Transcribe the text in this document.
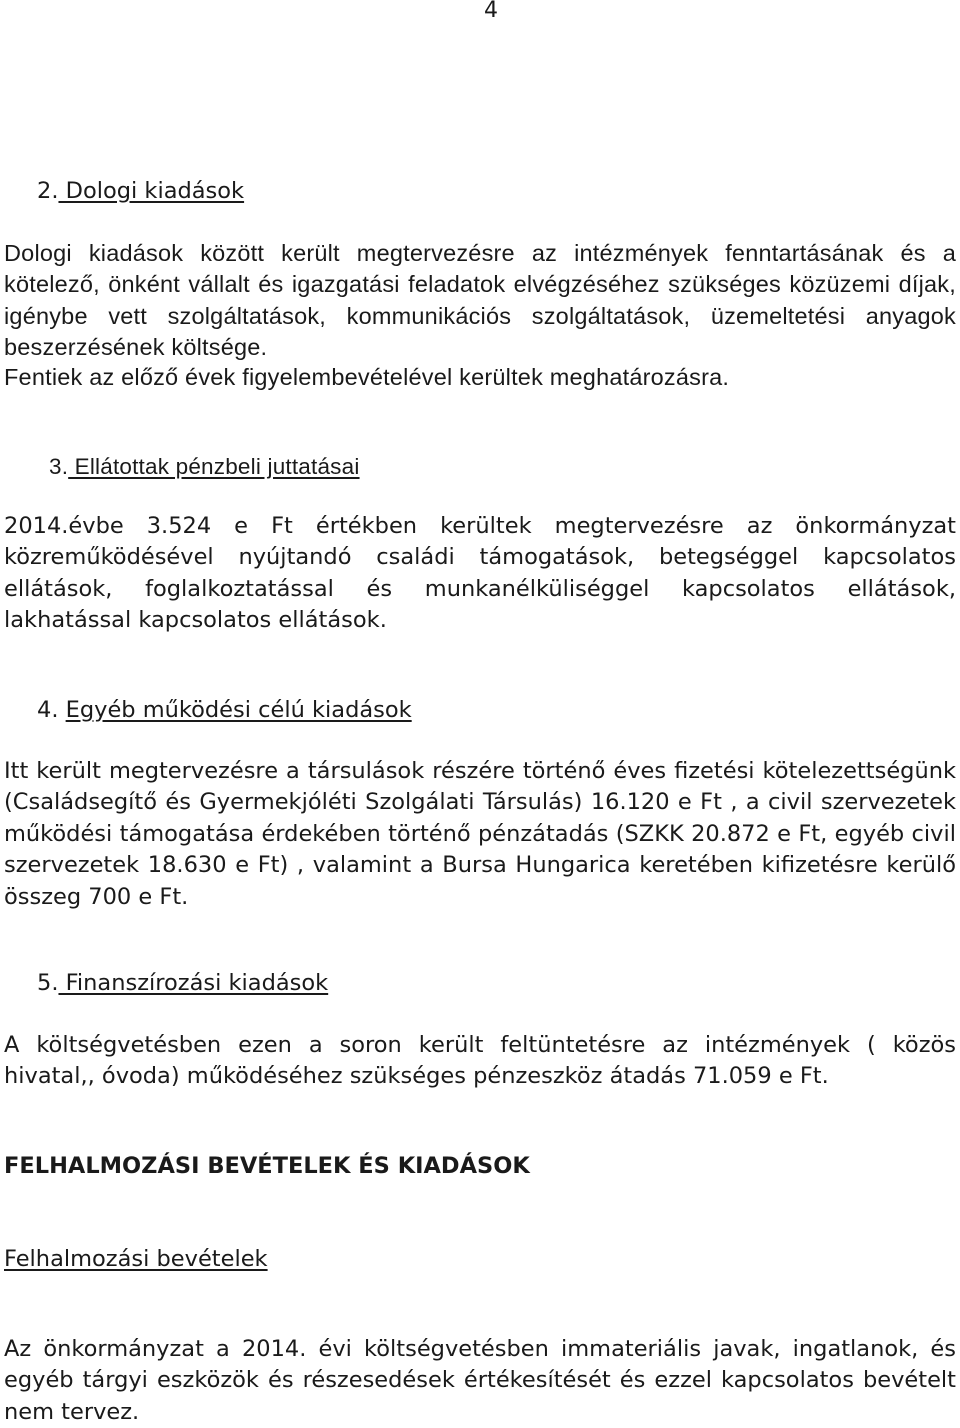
4
2. Dologi kiadások

Dologi kiadások között került megtervezésre az intézmények fenntartásának és a kötelező, önként vállalt és igazgatási feladatok elvégzéséhez szükséges közüzemi díjak, igénybe vett szolgáltatások, kommunikációs szolgáltatások, üzemeltetési anyagok beszerzésének költsége.

Fentiek az előző évek figyelembevételével kerültek meghatározásra.

3. Ellátottak pénzbeli juttatásai

2014.évbe 3.524 e Ft értékben kerültek megtervezésre az önkormányzat közreműködésével nyújtandó családi támogatások, betegséggel kapcsolatos ellátások, foglalkoztatással és munkanélküliséggel kapcsolatos ellátások, lakhatással kapcsolatos ellátások.

4. Egyéb működési célú kiadások

Itt került megtervezésre a társulások részére történő éves fizetési kötelezettségünk (Családsegítő és Gyermekjóléti Szolgálati Társulás) 16.120 e Ft , a civil szervezetek működési támogatása érdekében történő pénzátadás (SZKK 20.872 e Ft, egyéb civil szervezetek 18.630 e Ft) , valamint a Bursa Hungarica keretében kifizetésre kerülő összeg 700 e Ft.

5. Finanszírozási kiadások

A költségvetésben ezen a soron került feltüntetésre az intézmények ( közös hivatal,, óvoda) működéséhez szükséges pénzeszköz átadás 71.059 e Ft.

FELHALMOZÁSI BEVÉTELEK ÉS KIADÁSOK
Felhalmozási bevételek

Az önkormányzat a 2014. évi költségvetésben immateriális javak, ingatlanok, és egyéb tárgyi eszközök és részesedések értékesítését és ezzel kapcsolatos bevételt nem tervez.
